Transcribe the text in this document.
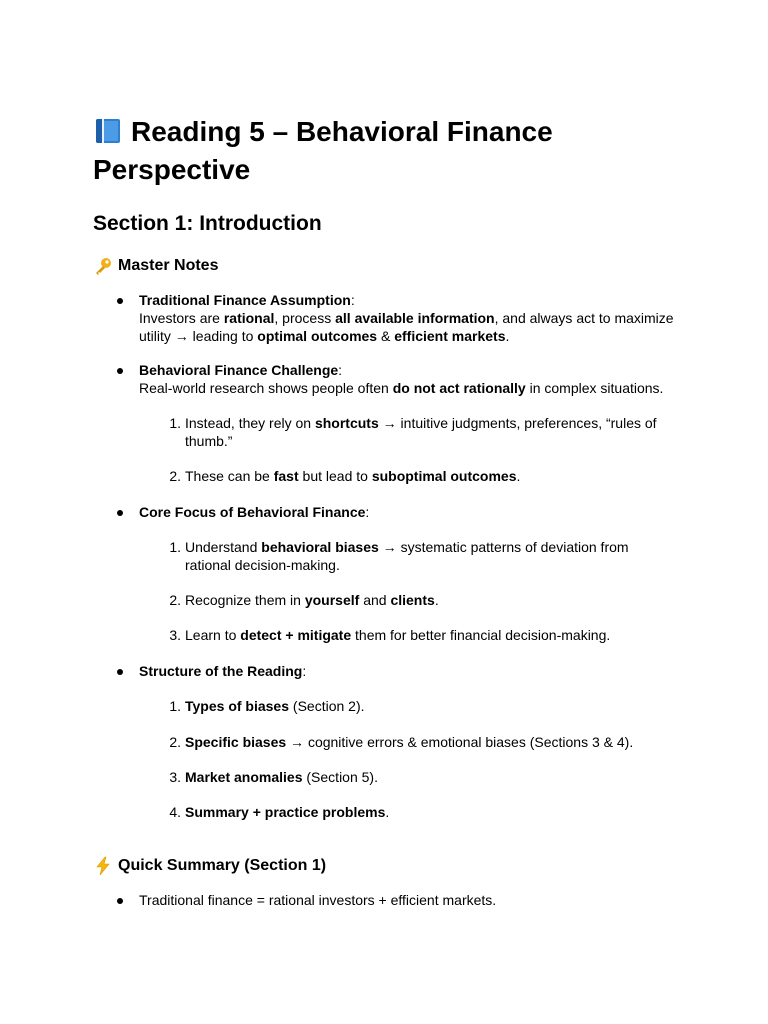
Reading 5 – Behavioral Finance Perspective
Section 1: Introduction
Master Notes
Traditional Finance Assumption:
Investors are rational, process all available information, and always act to maximize utility → leading to optimal outcomes & efficient markets.
Behavioral Finance Challenge:
Real-world research shows people often do not act rationally in complex situations.
1. Instead, they rely on shortcuts → intuitive judgments, preferences, “rules of thumb.”
2. These can be fast but lead to suboptimal outcomes.
Core Focus of Behavioral Finance:
1. Understand behavioral biases → systematic patterns of deviation from rational decision-making.
2. Recognize them in yourself and clients.
3. Learn to detect + mitigate them for better financial decision-making.
Structure of the Reading:
1. Types of biases (Section 2).
2. Specific biases → cognitive errors & emotional biases (Sections 3 & 4).
3. Market anomalies (Section 5).
4. Summary + practice problems.
Quick Summary (Section 1)
Traditional finance = rational investors + efficient markets.
